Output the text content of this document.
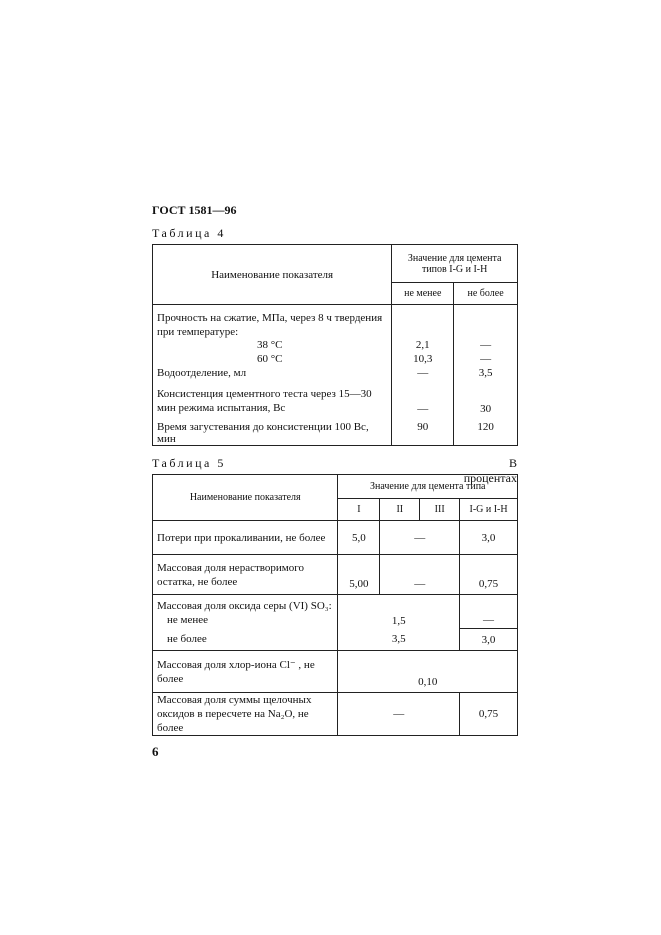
ГОСТ 1581—96
Таблица 4
Наименование показателя	Значение для цемента типов I-G и I-H	
	не менее	не более
Прочность на сжатие, МПа, через 8 ч твердения при температуре:		
38 °С	2,1	—
60 °С	10,3	—
Водоотделение, мл	—	3,5
Консистенция цементного теста через 15—30 мин режима испытания, Вс	—	30
Время загустевания до консистенции 100 Вс, мин	90	120
Таблица 5	В процентах
Наименование показателя	Значение для цемента типа			
	I	II	III	I-G и I-H
Потери при прокаливании, не более	5,0	—		3,0
Массовая доля нерастворимого остатка, не более	5,00	—		0,75

Массовая доля оксида серы (VI) SO₃:
не менее	1,5			—
не более	3,5			3,0
Массовая доля хлор-иона Cl⁻ , не более	0,10			
Массовая доля суммы щелочных оксидов в пересчете на Na₂O, не более	—			0,75
6
